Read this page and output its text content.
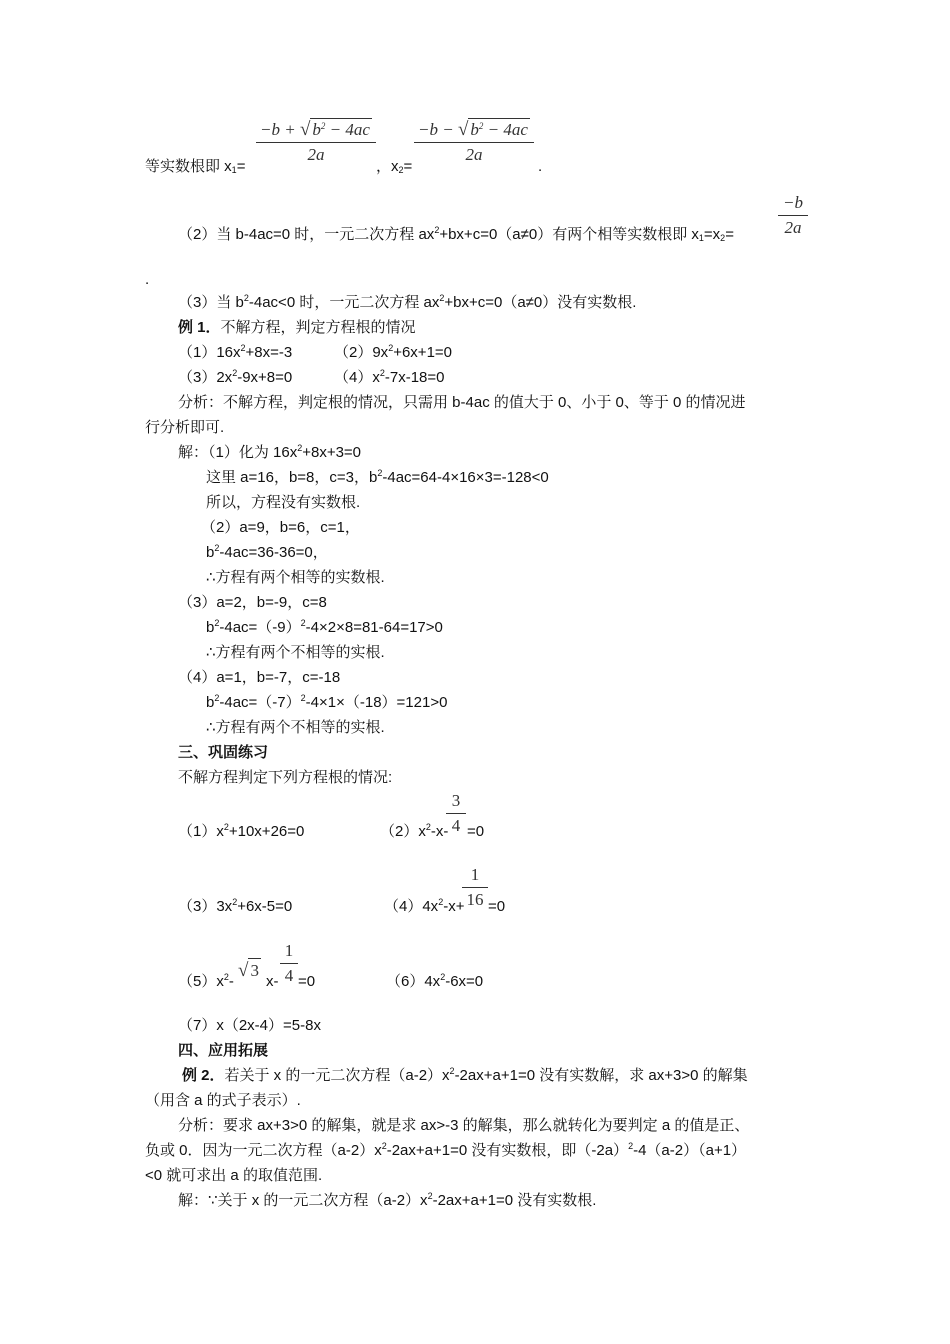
−b + √ $b^2 - 4ac$
2a
−b − √ $b^2 - 4ac$
2a
等实数根即 $x_1=$	，$x_2=$	.
（2）当 b-4ac=0 时，一元二次方程 $ax^2+bx+c=0(a\ne 0)$有两个相等实数根即 $x_1=x_2=$
−b
2a
.
（3）当 $b^2-4ac<0$ 时，一元二次方程 $ax^2+bx+c=0(a\ne 0)$没有实数根.
例 1．不解方程，判定方程根的情况
$(1)16x^2+8x=-3$	$(2)9x^2+6x+1=0$
$(3)2x^2-9x+8=0$	$(4)x^2-7x-18=0$
分析：不解方程，判定根的情况，只需用 b-4ac 的值大于 0、小于 0、等于 0 的情况进
行分析即可.
解：（1）化为 $16x^2+8x+3=0$
这里 a=16，b=8，c=3，$b^2-4ac=64-4\times 16\times 3=-128<0$
所以，方程没有实数根.
（2）a=9，b=6，c=1，
$b^2-4ac=36-36=0$，
∴方程有两个相等的实数根.
（3）a=2，b=-9，c=8
$b^2-4ac=(-9)^2-4\times 2\times 8=81-64=17>0$
∴方程有两个不相等的实根.
（4）a=1，b=-7，c=-18
$b^2-4ac=(-7)^2-4\times 1\times(-18)=121>0$
∴方程有两个不相等的实根.
三、巩固练习
不解方程判定下列方程根的情况:
$(1)x^2+10x+26=0$	$(2)x^2-x-$
3
4 =0
$(3)3x^2+6x-5=0$	$(4)4x^2-x+$
1
16 =0
$(5)x^2-$
√ 3
x-
1
4 =0	$(6)4x^2-6x=0$
（7）x（2x-4）=5-8x
四、应用拓展
例 2．若关于 x 的一元二次方程$(a-2)x^2-2ax+a+1=0$ 没有实数解，求 ax+3>0 的解集
（用含 a 的式子表示）.
分析：要求 ax+3>0 的解集，就是求 ax>-3 的解集，那么就转化为要判定 a 的值是正、
负或 0．因为一元二次方程$(a-2)x^2-2ax+a+1=0$ 没有实数根，即$(-2a)^2-4(a-2)(a+1)$
<0 就可求出 a 的取值范围.
解：∵关于 x 的一元二次方程$(a-2)x^2-2ax+a+1=0$ 没有实数根.
